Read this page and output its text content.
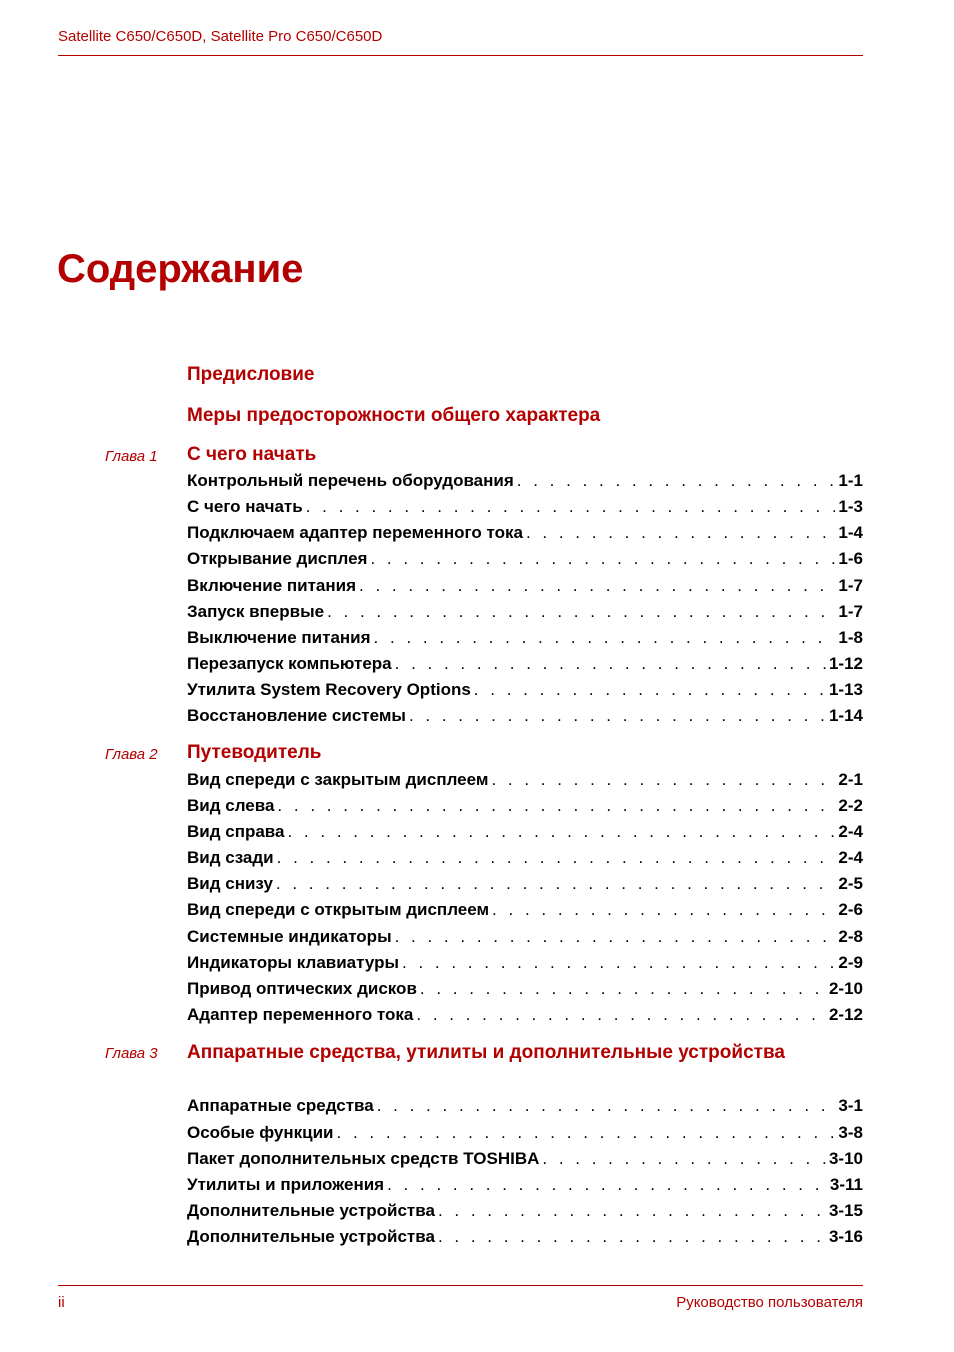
Satellite C650/C650D, Satellite Pro C650/C650D
Содержание
Предисловие
Меры предосторожности общего характера
Глава 1 С чего начать
Контрольный перечень оборудования . . .	1-1
С чего начать . . .	1-3
Подключаем адаптер переменного тока . . .	1-4
Открывание дисплея . . .	1-6
Включение питания . . .	1-7
Запуск впервые . . .	1-7
Выключение питания . . .	1-8
Перезапуск компьютера . . .	1-12
Утилита System Recovery Options . . .	1-13
Восстановление системы . . .	1-14
Глава 2 Путеводитель
Вид спереди с закрытым дисплеем . . .	2-1
Вид слева . . .	2-2
Вид справа . . .	2-4
Вид сзади . . .	2-4
Вид снизу . . .	2-5
Вид спереди с открытым дисплеем . . .	2-6
Системные индикаторы . . .	2-8
Индикаторы клавиатуры . . .	2-9
Привод оптических дисков . . .	2-10
Адаптер переменного тока . . .	2-12
Глава 3 Аппаратные средства, утилиты и дополнительные устройства
Аппаратные средства . . .	3-1
Особые функции . . .	3-8
Пакет дополнительных средств TOSHIBA . . .	3-10
Утилиты и приложения . . .	3-11
Дополнительные устройства . . .	3-15
Дополнительные устройства . . .	3-16
ii	Руководство пользователя
